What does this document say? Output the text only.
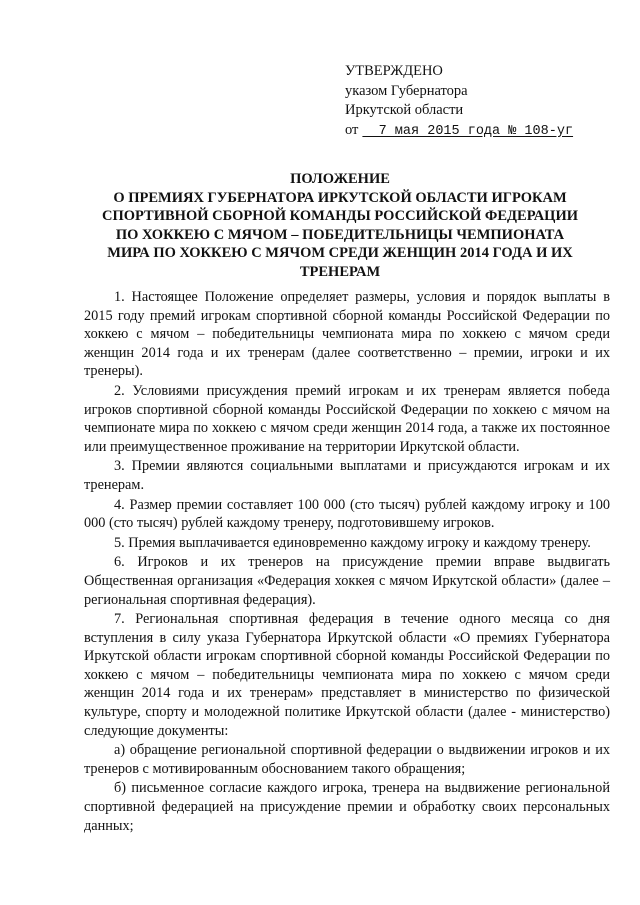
УТВЕРЖДЕНО
указом Губернатора
Иркутской области
от  7 мая 2015 года № 108-уг
ПОЛОЖЕНИЕ
О ПРЕМИЯХ ГУБЕРНАТОРА ИРКУТСКОЙ ОБЛАСТИ ИГРОКАМ
СПОРТИВНОЙ СБОРНОЙ КОМАНДЫ РОССИЙСКОЙ ФЕДЕРАЦИИ
ПО ХОККЕЮ С МЯЧОМ – ПОБЕДИТЕЛЬНИЦЫ ЧЕМПИОНАТА
МИРА ПО ХОККЕЮ С МЯЧОМ СРЕДИ ЖЕНЩИН 2014 ГОДА И ИХ
ТРЕНЕРАМ

1. Настоящее Положение определяет размеры, условия и порядок выплаты в 2015 году премий игрокам спортивной сборной команды Российской Федерации по хоккею с мячом – победительницы чемпионата мира по хоккею с мячом среди женщин 2014 года и их тренерам (далее соответственно – премии, игроки и их тренеры).

2. Условиями присуждения премий игрокам и их тренерам является победа игроков спортивной сборной команды Российской Федерации по хоккею с мячом на чемпионате мира по хоккею с мячом среди женщин 2014 года, а также их постоянное или преимущественное проживание на территории Иркутской области.

3. Премии являются социальными выплатами и присуждаются игрокам и их тренерам.

4. Размер премии составляет 100 000 (сто тысяч) рублей каждому игроку и 100 000 (сто тысяч) рублей каждому тренеру, подготовившему игроков.

5. Премия выплачивается единовременно каждому игроку и каждому тренеру.

6. Игроков и их тренеров на присуждение премии вправе выдвигать Общественная организация «Федерация хоккея с мячом Иркутской области» (далее – региональная спортивная федерация).

7. Региональная спортивная федерация в течение одного месяца со дня вступления в силу указа Губернатора Иркутской области «О премиях Губернатора Иркутской области игрокам спортивной сборной команды Российской Федерации по хоккею с мячом – победительницы чемпионата мира по хоккею с мячом среди женщин 2014 года и их тренерам» представляет в министерство по физической культуре, спорту и молодежной политике Иркутской области (далее - министерство) следующие документы:

а) обращение региональной спортивной федерации о выдвижении игроков и их тренеров с мотивированным обоснованием такого обращения;

б) письменное согласие каждого игрока, тренера на выдвижение региональной спортивной федерацией на присуждение премии и обработку своих персональных данных;
